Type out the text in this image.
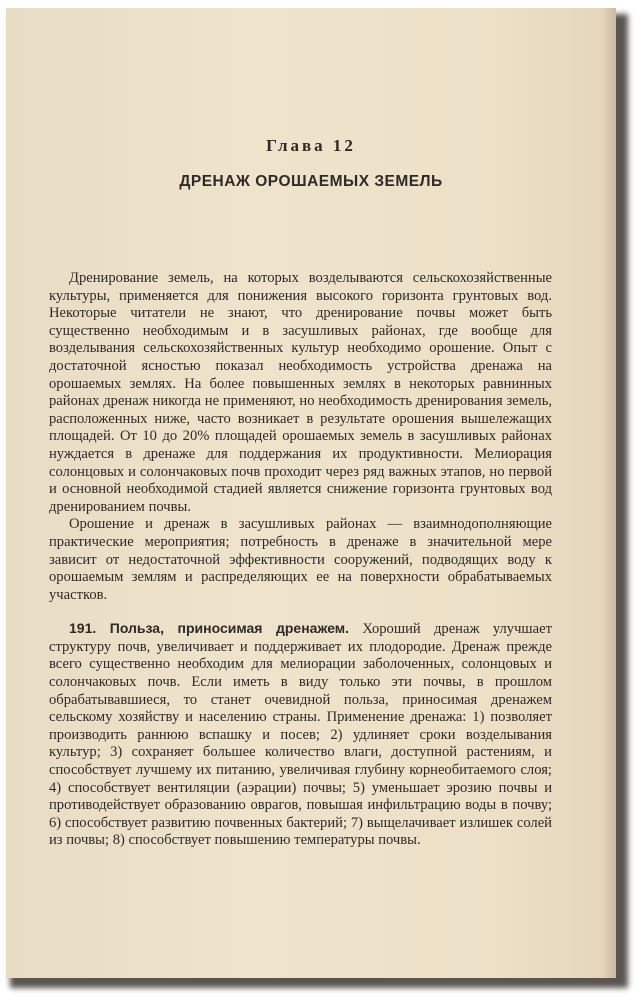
Глава 12
ДРЕНАЖ ОРОШАЕМЫХ ЗЕМЕЛЬ

Дренирование земель, на которых возделываются сельскохозяйственные культуры, применяется для понижения высокого горизонта грунтовых вод. Некоторые читатели не знают, что дренирование почвы может быть существенно необходимым и в засушливых районах, где вообще для возделывания сельскохозяйственных культур необходимо орошение. Опыт с достаточной ясностью показал необходимость устройства дренажа на орошаемых землях. На более повышенных землях в некоторых равнинных районах дренаж никогда не применяют, но необходимость дренирования земель, расположенных ниже, часто возникает в результате орошения вышележащих площадей. От 10 до 20% площадей орошаемых земель в засушливых районах нуждается в дренаже для поддержания их продуктивности. Мелиорация солонцовых и солончаковых почв проходит через ряд важных этапов, но первой и основной необходимой стадией является снижение горизонта грунтовых вод дренированием почвы.

Орошение и дренаж в засушливых районах — взаимнодополняющие практические мероприятия; потребность в дренаже в значительной мере зависит от недостаточной эффективности сооружений, подводящих воду к орошаемым землям и распределяющих ее на поверхности обрабатываемых участков.

191. Польза, приносимая дренажем. Хороший дренаж улучшает структуру почв, увеличивает и поддерживает их плодородие. Дренаж прежде всего существенно необходим для мелиорации заболоченных, солонцовых и солончаковых почв. Если иметь в виду только эти почвы, в прошлом обрабатывавшиеся, то станет очевидной польза, приносимая дренажем сельскому хозяйству и населению страны. Применение дренажа: 1) позволяет производить раннюю вспашку и посев; 2) удлиняет сроки возделывания культур; 3) сохраняет большее количество влаги, доступной растениям, и способствует лучшему их питанию, увеличивая глубину корнеобитаемого слоя; 4) способствует вентиляции (аэрации) почвы; 5) уменьшает эрозию почвы и противодействует образованию оврагов, повышая инфильтрацию воды в почву; 6) способствует развитию почвенных бактерий; 7) выщелачивает излишек солей из почвы; 8) способствует повышению температуры почвы.
